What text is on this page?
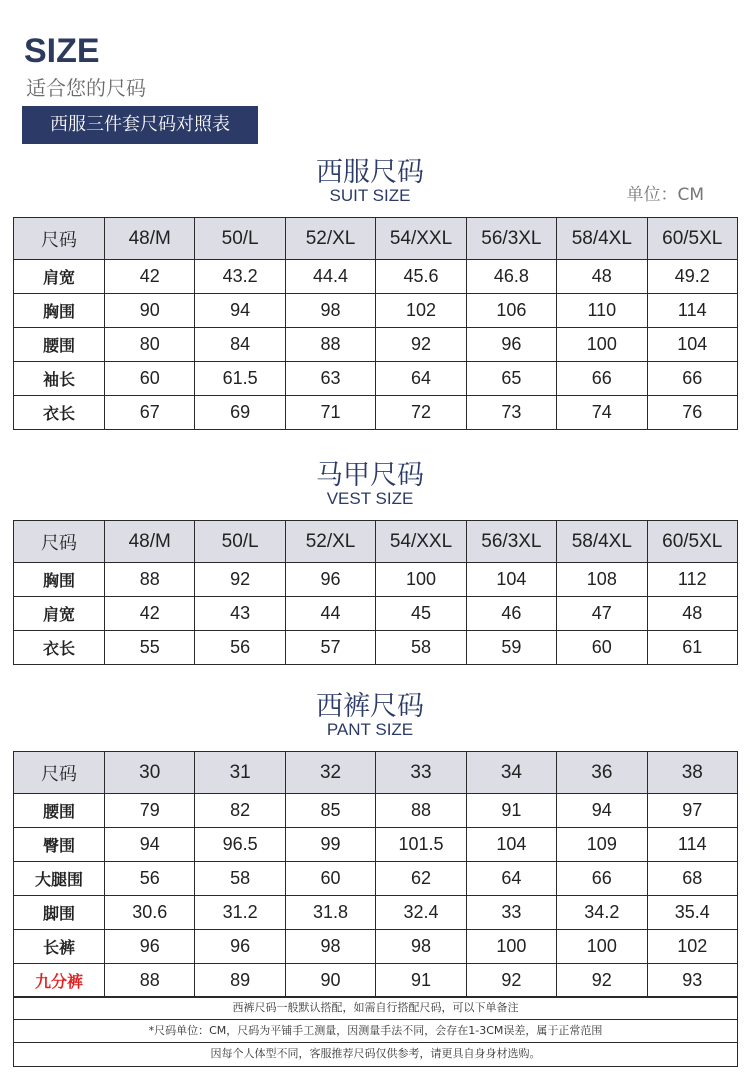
SIZE
适合您的尺码
西服三件套尺码对照表
西服尺码
SUIT SIZE	单位：CM
尺码	48/M	50/L	52/XL	54/XXL	56/3XL	58/4XL	60/5XL
肩宽	42	43.2	44.4	45.6	46.8	48	49.2
胸围	90	94	98	102	106	110	114
腰围	80	84	88	92	96	100	104
袖长	60	61.5	63	64	65	66	66
衣长	67	69	71	72	73	74	76
马甲尺码
VEST SIZE
尺码	48/M	50/L	52/XL	54/XXL	56/3XL	58/4XL	60/5XL
胸围	88	92	96	100	104	108	112
肩宽	42	43	44	45	46	47	48
衣长	55	56	57	58	59	60	61
西裤尺码
PANT SIZE
尺码	30	31	32	33	34	36	38
腰围	79	82	85	88	91	94	97
臀围	94	96.5	99	101.5	104	109	114
大腿围	56	58	60	62	64	66	68
脚围	30.6	31.2	31.8	32.4	33	34.2	35.4
长裤	96	96	98	98	100	100	102
九分裤	88	89	90	91	92	92	93
西裤尺码一般默认搭配，如需自行搭配尺码，可以下单备注
*尺码单位：CM，尺码为平铺手工测量，因测量手法不同，会存在1-3CM误差，属于正常范围
因每个人体型不同，客服推荐尺码仅供参考，请更具自身身材选购。
